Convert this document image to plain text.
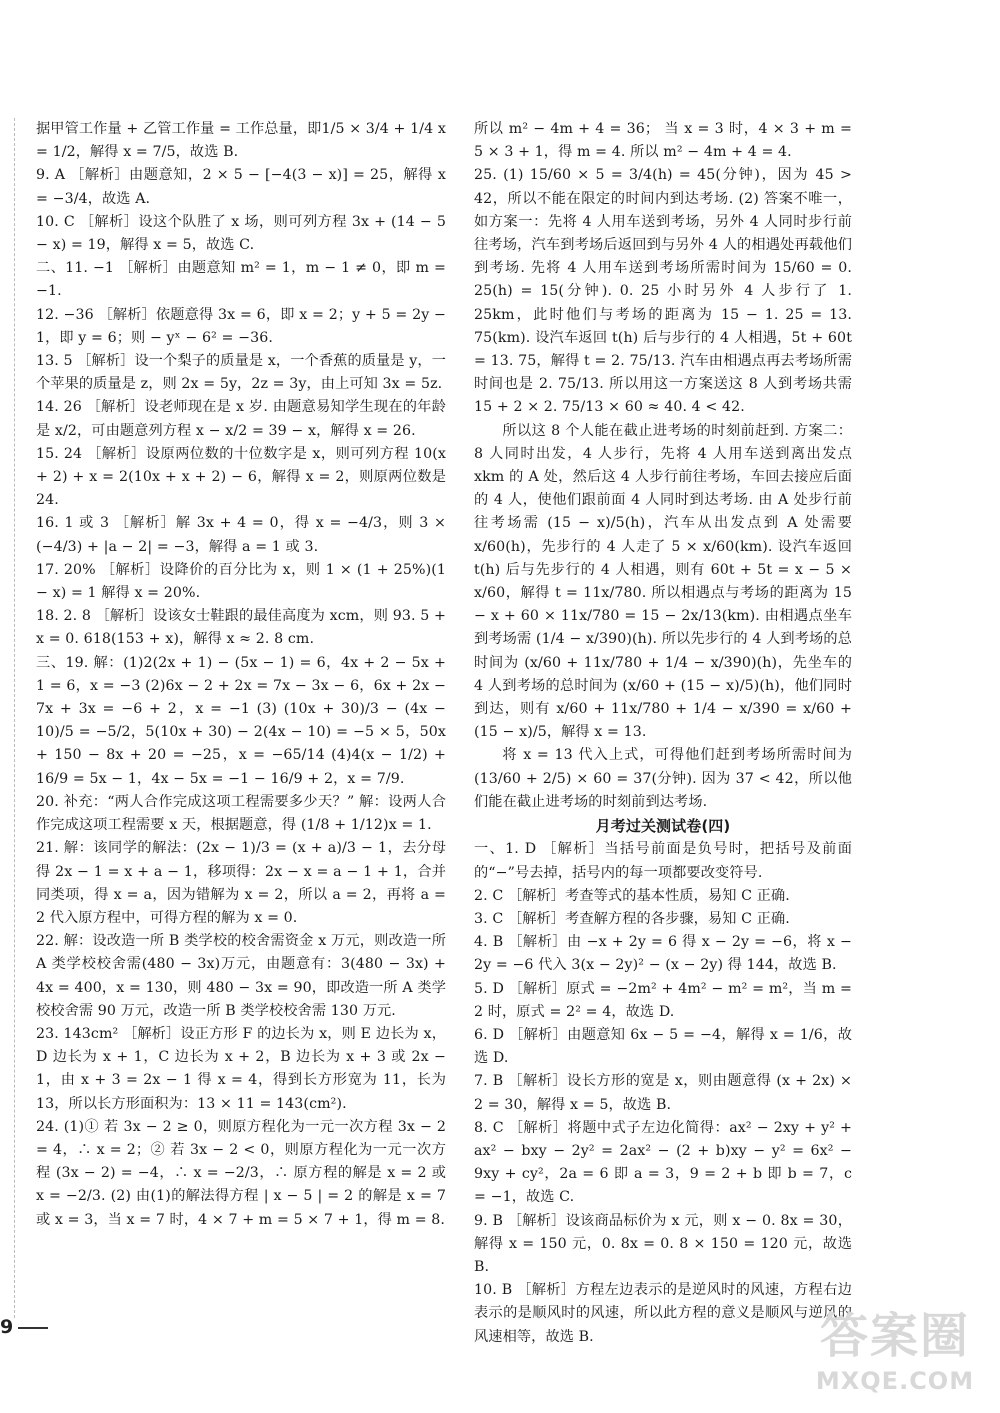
据甲管工作量 + 乙管工作量 = 工作总量，即1/5 × 3/4 + 1/4 x = 1/2，解得 x = 7/5，故选 B.

9. A ［解析］由题意知，2 × 5 − [−4(3 − x)] = 25，解得 x = −3/4，故选 A.

10. C ［解析］设这个队胜了 x 场，则可列方程 3x + (14 − 5 − x) = 19，解得 x = 5，故选 C.

二、11. −1 ［解析］由题意知 m² = 1，m − 1 ≠ 0，即 m = −1.

12. −36 ［解析］依题意得 3x = 6，即 x = 2；y + 5 = 2y − 1，即 y = 6；则 − yˣ − 6² = −36.

13. 5 ［解析］设一个梨子的质量是 x，一个香蕉的质量是 y，一个苹果的质量是 z，则 2x = 5y，2z = 3y，由上可知 3x = 5z.

14. 26 ［解析］设老师现在是 x 岁. 由题意易知学生现在的年龄是 x/2，可由题意列方程 x − x/2 = 39 − x，解得 x = 26.

15. 24 ［解析］设原两位数的十位数字是 x，则可列方程 10(x + 2) + x = 2(10x + x + 2) − 6，解得 x = 2，则原两位数是 24.

16. 1 或 3 ［解析］解 3x + 4 = 0，得 x = −4/3，则 3 × (−4/3) + |a − 2| = −3，解得 a = 1 或 3.

17. 20% ［解析］设降价的百分比为 x，则 1 × (1 + 25%)(1 − x) = 1 解得 x = 20%.

18. 2. 8 ［解析］设该女士鞋跟的最佳高度为 xcm，则 93. 5 + x = 0. 618(153 + x)，解得 x ≈ 2. 8 cm.

三、19. 解：(1)2(2x + 1) − (5x − 1) = 6，4x + 2 − 5x + 1 = 6，x = −3 (2)6x − 2 + 2x = 7x − 3x − 6，6x + 2x − 7x + 3x = −6 + 2，x = −1 (3) (10x + 30)/3 − (4x − 10)/5 = −5/2，5(10x + 30) − 2(4x − 10) = −5 × 5，50x + 150 − 8x + 20 = −25，x = −65/14 (4)4(x − 1/2) + 16/9 = 5x − 1，4x − 5x = −1 − 16/9 + 2，x = 7/9.

20. 补充：“两人合作完成这项工程需要多少天？” 解：设两人合作完成这项工程需要 x 天，根据题意，得 (1/8 + 1/12)x = 1.

21. 解：该同学的解法：(2x − 1)/3 = (x + a)/3 − 1，去分母得 2x − 1 = x + a − 1，移项得：2x − x = a − 1 + 1，合并同类项，得 x = a，因为错解为 x = 2，所以 a = 2，再将 a = 2 代入原方程中，可得方程的解为 x = 0.

22. 解：设改造一所 B 类学校的校舍需资金 x 万元，则改造一所 A 类学校校舍需(480 − 3x)万元，由题意有：3(480 − 3x) + 4x = 400，x = 130，则 480 − 3x = 90，即改造一所 A 类学校校舍需 90 万元，改造一所 B 类学校校舍需 130 万元.

23. 143cm² ［解析］设正方形 F 的边长为 x，则 E 边长为 x，D 边长为 x + 1，C 边长为 x + 2，B 边长为 x + 3 或 2x − 1，由 x + 3 = 2x − 1 得 x = 4，得到长方形宽为 11，长为 13，所以长方形面积为：13 × 11 = 143(cm²).

24. (1)① 若 3x − 2 ≥ 0，则原方程化为一元一次方程 3x − 2 = 4，∴ x = 2；② 若 3x − 2 < 0，则原方程化为一元一次方程 (3x − 2) = −4，∴ x = −2/3，∴ 原方程的解是 x = 2 或 x = −2/3. (2) 由(1)的解法得方程 | x − 5 | = 2 的解是 x = 7 或 x = 3，当 x = 7 时，4 × 7 + m = 5 × 7 + 1，得 m = 8.

所以 m² − 4m + 4 = 36； 当 x = 3 时，4 × 3 + m = 5 × 3 + 1，得 m = 4. 所以 m² − 4m + 4 = 4.

25. (1) 15/60 × 5 = 3/4(h) = 45(分钟)，因为 45 > 42，所以不能在限定的时间内到达考场. (2) 答案不唯一，如方案一：先将 4 人用车送到考场，另外 4 人同时步行前往考场，汽车到考场后返回到与另外 4 人的相遇处再载他们到考场. 先将 4 人用车送到考场所需时间为 15/60 = 0. 25(h) = 15(分钟). 0. 25 小时另外 4 人步行了 1. 25km，此时他们与考场的距离为 15 − 1. 25 = 13. 75(km). 设汽车返回 t(h) 后与步行的 4 人相遇，5t + 60t = 13. 75，解得 t = 2. 75/13. 汽车由相遇点再去考场所需时间也是 2. 75/13. 所以用这一方案送这 8 人到考场共需 15 + 2 × 2. 75/13 × 60 ≈ 40. 4 < 42.

所以这 8 个人能在截止进考场的时刻前赶到. 方案二：8 人同时出发，4 人步行，先将 4 人用车送到离出发点 xkm 的 A 处，然后这 4 人步行前往考场，车回去接应后面的 4 人，使他们跟前面 4 人同时到达考场. 由 A 处步行前往考场需 (15 − x)/5(h)，汽车从出发点到 A 处需要 x/60(h)，先步行的 4 人走了 5 × x/60(km). 设汽车返回 t(h) 后与先步行的 4 人相遇，则有 60t + 5t = x − 5 × x/60，解得 t = 11x/780. 所以相遇点与考场的距离为 15 − x + 60 × 11x/780 = 15 − 2x/13(km). 由相遇点坐车到考场需 (1/4 − x/390)(h). 所以先步行的 4 人到考场的总时间为 (x/60 + 11x/780 + 1/4 − x/390)(h)，先坐车的 4 人到考场的总时间为 (x/60 + (15 − x)/5)(h)，他们同时到达，则有 x/60 + 11x/780 + 1/4 − x/390 = x/60 + (15 − x)/5，解得 x = 13.

将 x = 13 代入上式，可得他们赶到考场所需时间为 (13/60 + 2/5) × 60 = 37(分钟). 因为 37 < 42，所以他们能在截止进考场的时刻前到达考场.

月考过关测试卷(四)

一、1. D ［解析］当括号前面是负号时，把括号及前面的“−”号去掉，括号内的每一项都要改变符号.

2. C ［解析］考查等式的基本性质，易知 C 正确.

3. C ［解析］考查解方程的各步骤，易知 C 正确.

4. B ［解析］由 −x + 2y = 6 得 x − 2y = −6，将 x − 2y = −6 代入 3(x − 2y)² − (x − 2y) 得 144，故选 B.

5. D ［解析］原式 = −2m² + 4m² − m² = m²，当 m = 2 时，原式 = 2² = 4，故选 D.

6. D ［解析］由题意知 6x − 5 = −4，解得 x = 1/6，故选 D.

7. B ［解析］设长方形的宽是 x，则由题意得 (x + 2x) × 2 = 30，解得 x = 5，故选 B.

8. C ［解析］将题中式子左边化简得：ax² − 2xy + y² + ax² − bxy − 2y² = 2ax² − (2 + b)xy − y² = 6x² − 9xy + cy²，2a = 6 即 a = 3，9 = 2 + b 即 b = 7，c = −1，故选 C.

9. B ［解析］设该商品标价为 x 元，则 x − 0. 8x = 30，解得 x = 150 元，0. 8x = 0. 8 × 150 = 120 元，故选 B.

10. B ［解析］方程左边表示的是逆风时的风速，方程右边表示的是顺风时的风速，所以此方程的意义是顺风与逆风的风速相等，故选 B.

9	答案圈
MXQE.COM
